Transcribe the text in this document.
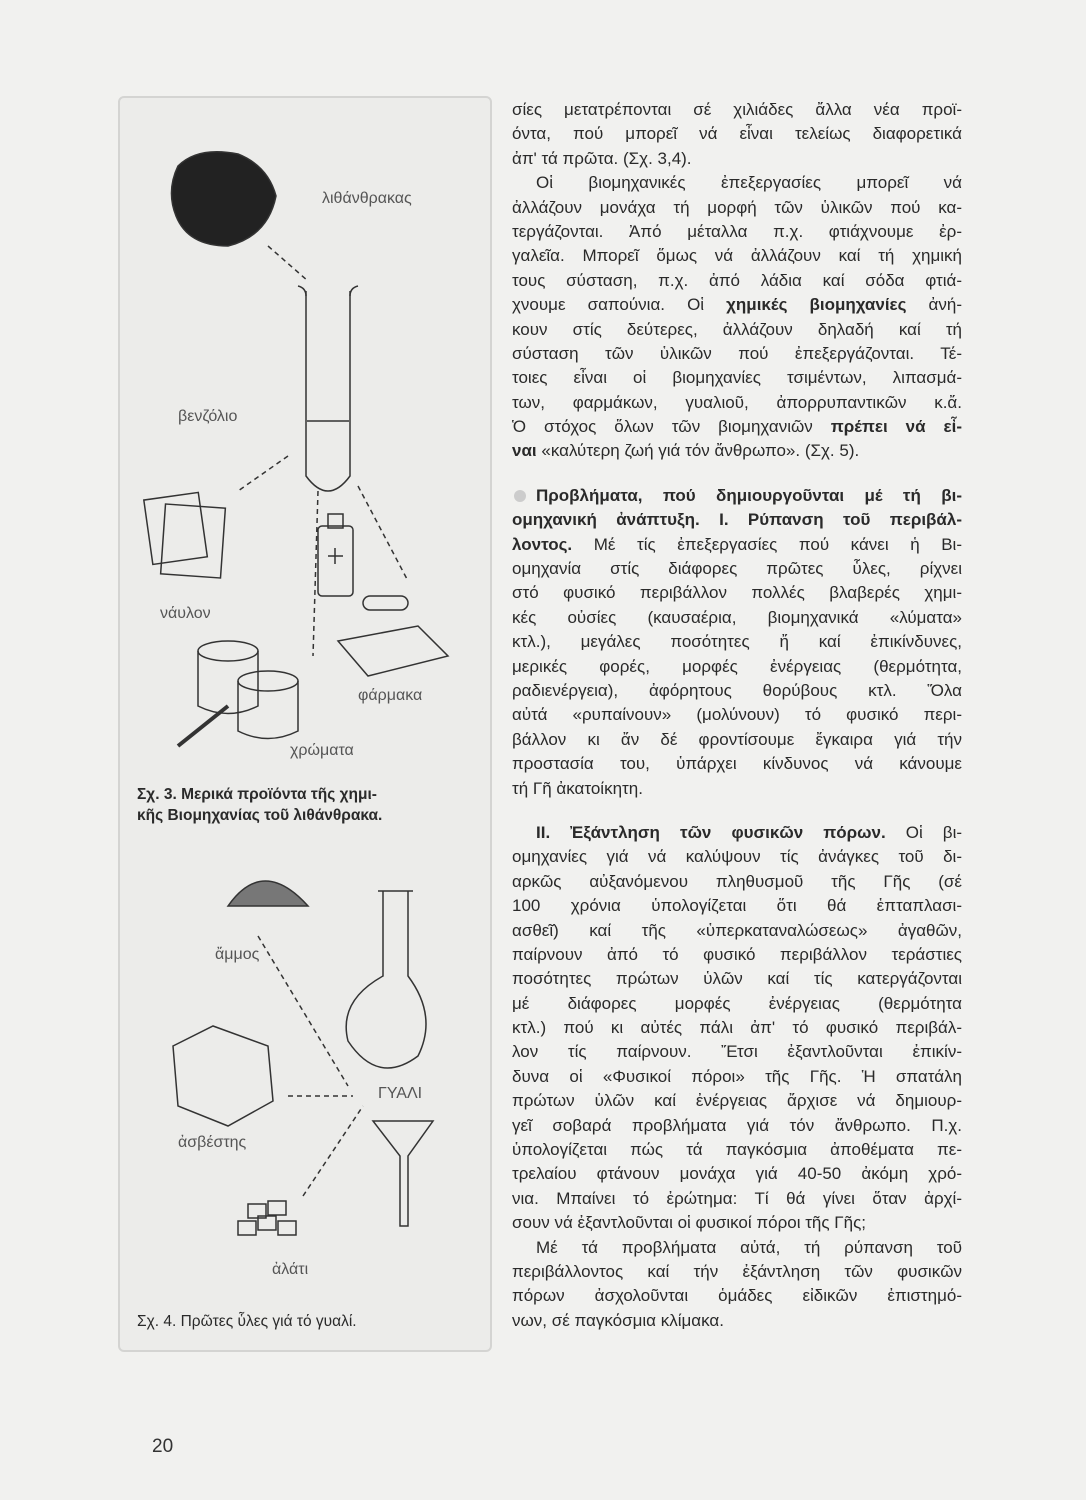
λιθάνθρακας
βενζόλιο
νάυλον
φάρμακα
χρώματα
Σχ. 3. Μερικά προϊόντα τῆς χημι-
κῆς Βιομηχανίας τοῦ λιθάνθρακα.
ἄμμος
ΓΥΑΛΙ
ἀσβέστης
ἀλάτι
Σχ. 4. Πρῶτες ὗλες γιά τό γυαλί.
σίες μετατρέπονται σέ χιλιάδες ἄλλα νέα προϊ-
όντα, πού μπορεῖ νά εἶναι τελείως διαφορετικά
ἀπ' τά πρῶτα. (Σχ. 3,4).
Οἱ βιομηχανικές ἐπεξεργασίες μπορεῖ νά
ἀλλάζουν μονάχα τή μορφή τῶν ὑλικῶν πού κα-
τεργάζονται. Ἀπό μέταλλα π.χ. φτιάχνουμε ἐρ-
γαλεῖα. Μπορεῖ ὅμως νά ἀλλάζουν καί τή χημική
τους σύσταση, π.χ. ἀπό λάδια καί σόδα φτιά-
χνουμε σαπούνια. Οἱ χημικές βιομηχανίες ἀνή-
κουν στίς δεύτερες, ἀλλάζουν δηλαδή καί τή
σύσταση τῶν ὑλικῶν πού ἐπεξεργάζονται. Τέ-
τοιες εἶναι οἱ βιομηχανίες τσιμέντων, λιπασμά-
των, φαρμάκων, γυαλιοῦ, ἀπορρυπαντικῶν κ.ἄ.
Ὁ στόχος ὅλων τῶν βιομηχανιῶν πρέπει νά εἶ-
ναι «καλύτερη ζωή γιά τόν ἄνθρωπο». (Σχ. 5).
Προβλήματα, πού δημιουργοῦνται μέ τή βι-
ομηχανική ἀνάπτυξη. Ι. Ρύπανση τοῦ περιβάλ-
λοντος. Μέ τίς ἐπεξεργασίες πού κάνει ἡ Βι-
ομηχανία στίς διάφορες πρῶτες ὗλες, ρίχνει
στό φυσικό περιβάλλον πολλές βλαβερές χημι-
κές οὐσίες (καυσαέρια, βιομηχανικά «λύματα»
κτλ.), μεγάλες ποσότητες ἤ καί ἐπικίνδυνες,
μερικές φορές, μορφές ἐνέργειας (θερμότητα,
ραδιενέργεια), ἀφόρητους θορύβους κτλ. Ὅλα
αὐτά «ρυπαίνουν» (μολύνουν) τό φυσικό περι-
βάλλον κι ἄν δέ φροντίσουμε ἔγκαιρα γιά τήν
προστασία του, ὑπάρχει κίνδυνος νά κάνουμε
τή Γῆ ἀκατοίκητη.
ΙΙ. Ἐξάντληση τῶν φυσικῶν πόρων. Οἱ βι-
ομηχανίες γιά νά καλύψουν τίς ἀνάγκες τοῦ δι-
αρκῶς αὐξανόμενου πληθυσμοῦ τῆς Γῆς (σέ
100 χρόνια ὑπολογίζεται ὅτι θά ἑπταπλασι-
ασθεῖ) καί τῆς «ὑπερκαταναλώσεως» ἀγαθῶν,
παίρνουν ἀπό τό φυσικό περιβάλλον τεράστιες
ποσότητες πρώτων ὑλῶν καί τίς κατεργάζονται
μέ διάφορες μορφές ἐνέργειας (θερμότητα
κτλ.) πού κι αὐτές πάλι ἀπ' τό φυσικό περιβάλ-
λον τίς παίρνουν. Ἔτσι ἐξαντλοῦνται ἐπικίν-
δυνα οἱ «Φυσικοί πόροι» τῆς Γῆς. Ἡ σπατάλη
πρώτων ὑλῶν καί ἐνέργειας ἄρχισε νά δημιουρ-
γεῖ σοβαρά προβλήματα γιά τόν ἄνθρωπο. Π.χ.
ὑπολογίζεται πώς τά παγκόσμια ἀποθέματα πε-
τρελαίου φτάνουν μονάχα γιά 40-50 ἀκόμη χρό-
νια. Μπαίνει τό ἐρώτημα: Τί θά γίνει ὅταν ἀρχί-
σουν νά ἐξαντλοῦνται οἱ φυσικοί πόροι τῆς Γῆς;
Μέ τά προβλήματα αὐτά, τή ρύπανση τοῦ
περιβάλλοντος καί τήν ἐξάντληση τῶν φυσικῶν
πόρων ἀσχολοῦνται ὁμάδες εἰδικῶν ἐπιστημό-
νων, σέ παγκόσμια κλίμακα.
20
